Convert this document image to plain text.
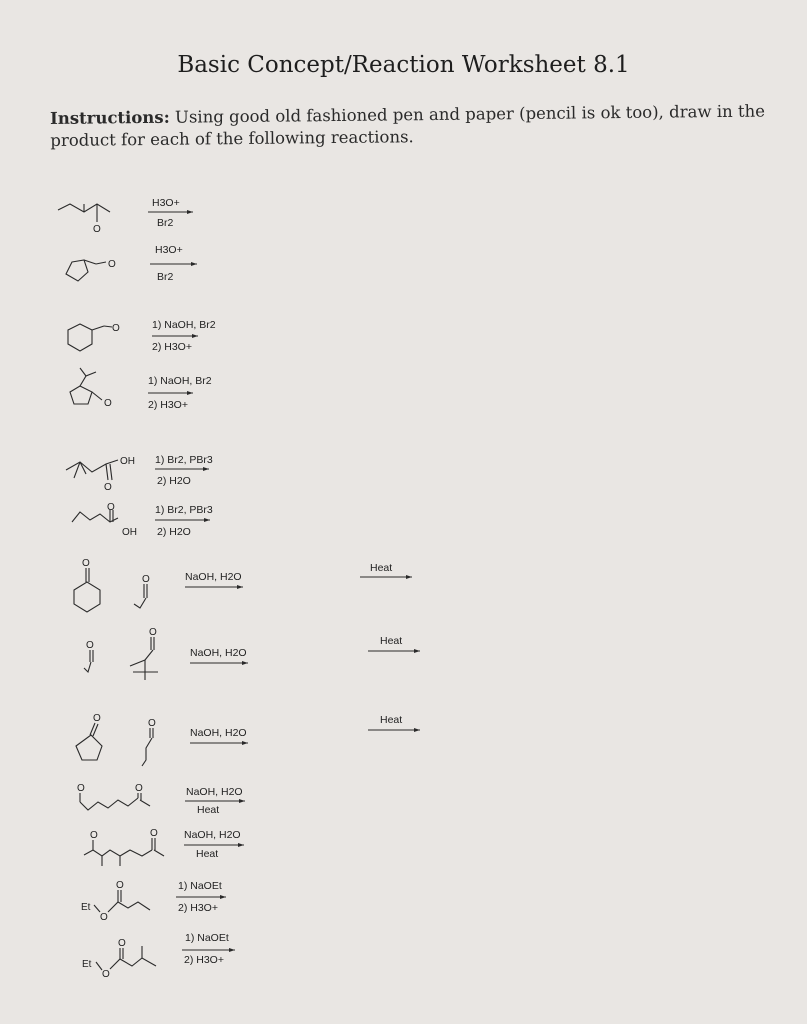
Basic Concept/Reaction Worksheet 8.1
Instructions: Using good old fashioned pen and paper (pencil is ok too), draw in the product for each of the following reactions.
O
H3O+
Br2
O
H3O+
Br2
O	1) NaOH, Br2
2) H3O+
O
1) NaOH, Br2
2) H3O+
O
OH 1) Br2, PBr3
2) H2O
O
OH
1) Br2, PBr3
2) H2O
O
O	NaOH, H2O
Heat
O
O
NaOH, H2O
Heat
O	O
NaOH, H2O
Heat
O	O	NaOH, H2O
Heat
O	O NaOH, H2O
Heat
Et
O
O	1) NaOEt
2) H3O+
Et
O
O	1) NaOEt
2) H3O+
